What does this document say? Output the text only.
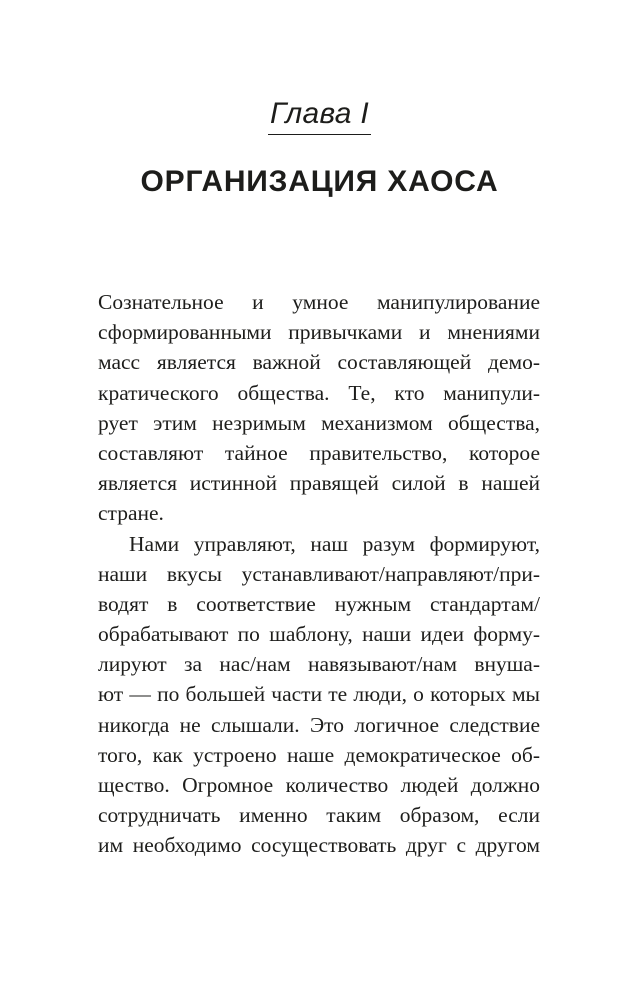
Глава I
ОРГАНИЗАЦИЯ ХАОСА
Сознательное и умное манипулирование
сформированными привычками и мнениями
масс является важной составляющей демо-
кратического общества. Те, кто манипули-
рует этим незримым механизмом общества,
составляют тайное правительство, которое
является истинной правящей силой в нашей
стране.
Нами управляют, наш разум формируют,
наши вкусы устанавливают/направляют/при-
водят в соответствие нужным стандартам/
обрабатывают по шаблону, наши идеи форму-
лируют за нас/нам навязывают/нам внуша-
ют — по большей части те люди, о которых мы
никогда не слышали. Это логичное следствие
того, как устроено наше демократическое об-
щество. Огромное количество людей должно
сотрудничать именно таким образом, если
им необходимо сосуществовать друг с другом
